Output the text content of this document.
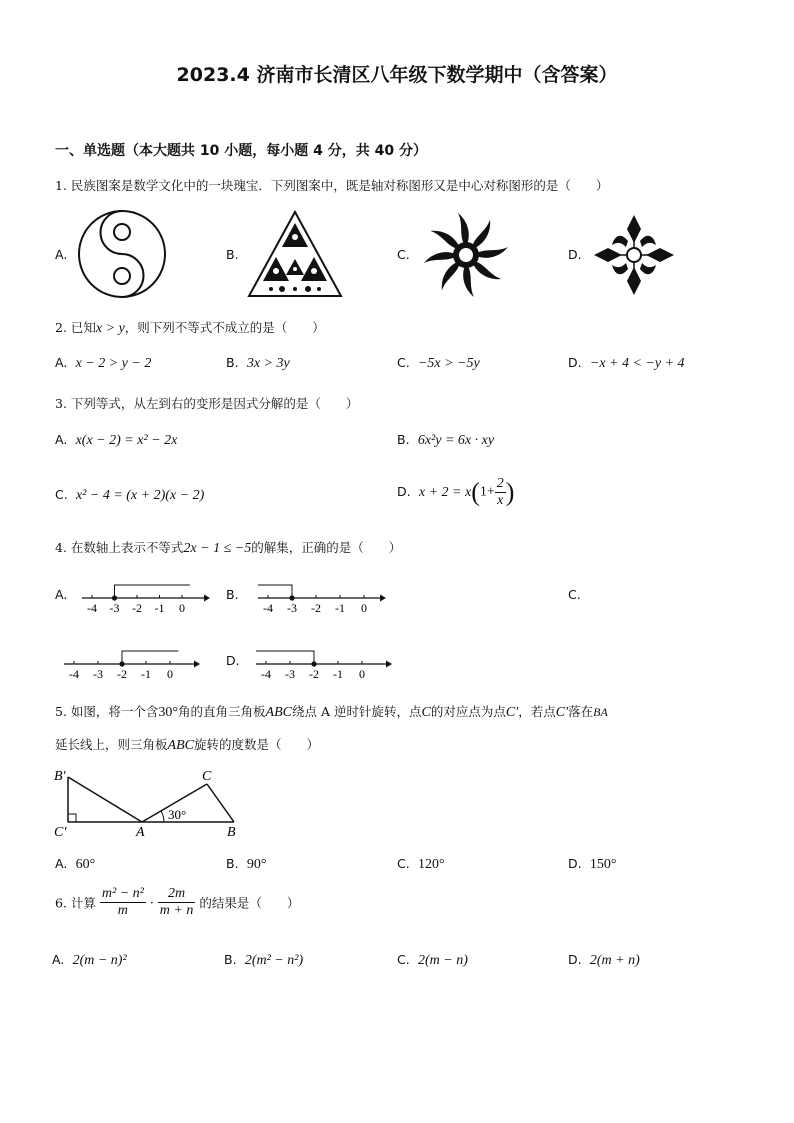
2023.4 济南市长清区八年级下数学期中（含答案）
一、单选题（本大题共 10 小题，每小题 4 分，共 40 分）
1. 民族图案是数学文化中的一块瑰宝．下列图案中，既是轴对称图形又是中心对称图形的是（　　）
A.	B.	C.	D.
2. 已知x > y，则下列不等式不成立的是（　　）
A. x − 2 > y − 2	B. 3x > 3y	C. −5x > −5y	D. −x + 4 < −y + 4
3. 下列等式，从左到右的变形是因式分解的是（　　）
A. x(x − 2) = x² − 2x	B. 6x²y = 6x · xy
C. x² − 4 = (x + 2)(x − 2)	D. $x + 2 = x(1+ \frac{2}{x}$ )
4. 在数轴上表示不等式2x − 1 ≤ −5的解集，正确的是（　　）
A.
-4 -3 -2 -1 0
B.
-4 -3 -2 -1 0
C.
-4 -3 -2 -1 0
D.
-4 -3 -2 -1 0
5. 如图，将一个含30°角的直角三角板ABC绕点 A 逆时针旋转，点C的对应点为点C′，若点C′落在BA
延长线上，则三角板ABC旋转的度数是（　　）
B′
C′	A	B
C
30°
A. 60°	B. 90°	C. 120°	D. 150°
6. 计算 $\frac{\text{m² − n²}}{m} \cdot \frac{2m}{m + n}$ 的结果是（　　）
A. 2(m − n)²	B. 2(m² − n²)	C. 2(m − n)	D. 2(m + n)
